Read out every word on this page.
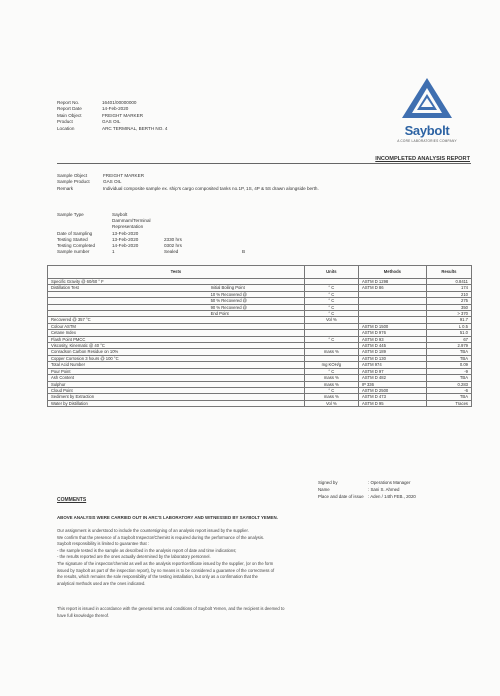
Report No.	16401/00000000
Report Date	14-Feb-2020
Main Object	FREIGHT MARKER
Product	GAS OIL
Location	ARC TERMINAL, BERTH NO. 4	Saybolt
A CORE LABORATORIES COMPANY
INCOMPLETED ANALYSIS REPORT
Sample Object	FREIGHT MARKER
Sample Product	GAS OIL
Remark	Individual composite sample ex. ship's cargo composited tanks no.1P, 1S, 4P & 5S drawn alongside berth.
Sample Type	Saybolt Dammam/Terminal Representation
Date of Sampling	13-Feb-2020
Testing Started	13-Feb-2020	2330 hrs
Testing Completed	14-Feb-2020	0302 hrs
Sample number	1	Sealed	B
Tests		Units	Methods	Results
Specific Gravity @ 60/60 ° F			ASTM D 1298	0.8411
Distillation Test	Initial Boiling Point	° C	ASTM D 86	174
	10 % Recovered @	° C		210
	50 % Recovered @	° C		275
	90 % Recovered @	° C		350
	End Point	° C		> 370
Recovered @ 357 °C		Vol %		91.7
Colour ASTM			ASTM D 1500	L 0.5
Cetane Index			ASTM D 976	51.0
Flash Point PMCC		° C	ASTM D 93	67
Viscosity, Kinematic @ 40 °C			ASTM D 445	2.979
Conradson Carbon Residue on 10%		mass %	ASTM D 189	TBA
Copper Corrosion 3 hours @ 100 °C			ASTM D 130	TBA
Total Acid Number		mg KOH/g	ASTM 974	0.09
Pour Point		° C	ASTM D 97	-9
Ash Content		mass %	ASTM D 482	TBA
Sulphur		mass %	IP 336	0.283
Cloud Point		° C	ASTM D 2500	-6
Sediment by Extraction		mass %	ASTM D 473	TBA
Water by Distillation		Vol %	ASTM D 95	Traces
Signed by	: Operations Manager
Name	: Sani S. Ahmed
Place and date of issue : Aden / 14th FEB., 2020
COMMENTS
ABOVE ANALYSIS WERE CARRIED OUT IN ARC'S LABORATORY AND WITNESSED BY SAYBOLT YEMEN.
Our assignment is understood to include the countersigning of an analysis report issued by the supplier.
We confirm that the presence of a Saybolt Inspector/Chemist is required during the performance of the analysis.
Saybolt responsibility is limited to guarantee that :
- the sample tested is the sample as described in the analysis report of date and time indications;
- the results reported are the ones actually determined by the laboratory personnel.
The signature of the inspector/chemist as well as the analysis report/certificate issued by the supplier, (or on the form
issued by Saybolt as part of the inspection report), by no means is to be considered a guarantee of the correctness of
the results, which remains the sole responsibility of the testing installation, but only as a confirmation that the
analytical methods used are the ones indicated.
This report is issued in accordance with the general terms and conditions of Saybolt Yemen, and the recipient is deemed to
have full knowledge thereof.
